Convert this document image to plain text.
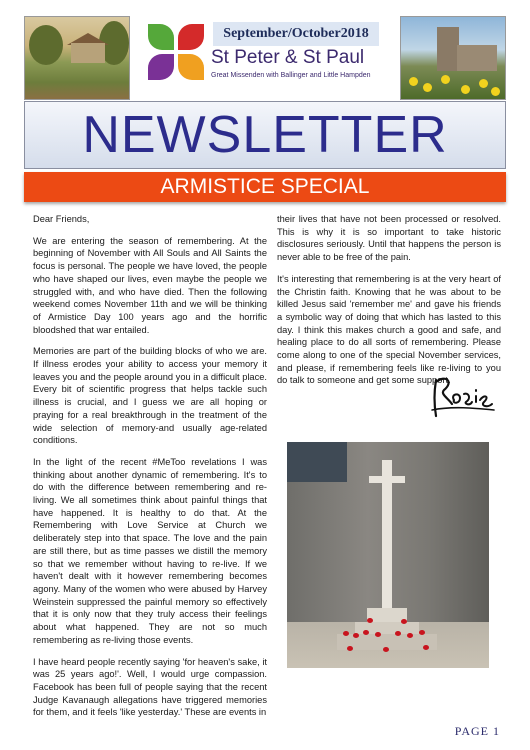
September/October2018
St Peter & St Paul
Great Missenden with Ballinger and Little Hampden
NEWSLETTER
ARMISTICE SPECIAL

Dear Friends,

We are entering the season of remembering. At the beginning of November with All Souls and All Saints the focus is personal. The people we have loved, the people who have shaped our lives, even maybe the people we struggled with, and who have died. Then the following weekend comes November 11th and we will be thinking of Armistice Day 100 years ago and the horrific bloodshed that war entailed.

Memories are part of the building blocks of who we are. If illness erodes your ability to access your memory it leaves you and the people around you in a difficult place. Every bit of scientific progress that helps tackle such illness is crucial, and I guess we are all hoping or praying for a real breakthrough in the treatment of the wide selection of memory-and usually age-related conditions.

In the light of the recent #MeToo revelations I was thinking about another dynamic of remembering. It's to do with the difference between remembering and re-living. We all sometimes think about painful things that have happened. It is healthy to do that. At the Remembering with Love Service at Church we deliberately step into that space. The love and the pain are still there, but as time passes we distill the memory so that we remember without having to re-live. If we haven't dealt with it however remembering becomes agony. Many of the women who were abused by Harvey Weinstein suppressed the painful memory so effectively that it is only now that they truly access their feelings about what happened. They are not so much remembering as re-living those events.

I have heard people recently saying 'for heaven's sake, it was 25 years ago!'. Well, I would urge compassion. Facebook has been full of people saying that the recent Judge Kavanaugh allegations have triggered memories for them, and it feels 'like yesterday.' These are events in

their lives that have not been processed or resolved. This is why it is so important to take historic disclosures seriously. Until that happens the person is never able to be free of the pain.

It's interesting that remembering is at the very heart of the Christin faith. Knowing that he was about to be killed Jesus said 'remember me' and gave his friends a symbolic way of doing that which has lasted to this day. I think this makes church a good and safe, and healing place to do all sorts of remembering. Please come along to one of the special November services, and please, if remembering feels like re-living to you do talk to someone and get some support.

PAGE 1
